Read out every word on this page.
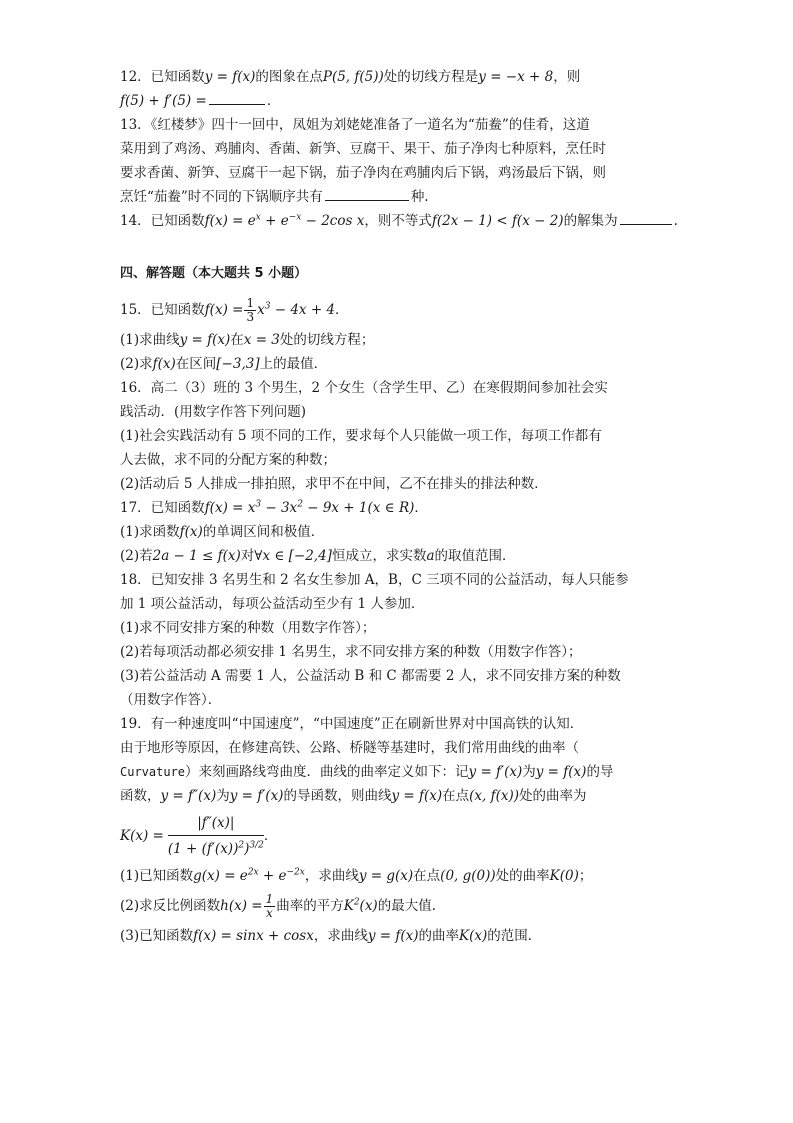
12．已知函数y = f(x)的图象在点P(5, f(5))处的切线方程是y = −x + 8，则
f(5) + f′(5) =	．
13．《红楼梦》四十一回中，凤姐为刘姥姥准备了一道名为“茄鲞”的佳肴，这道
菜用到了鸡汤、鸡脯肉、香菌、新笋、豆腐干、果干、茄子净肉七种原料，烹任时
要求香菌、新笋、豆腐干一起下锅，茄子净肉在鸡脯肉后下锅，鸡汤最后下锅，则
烹饪“茄鲞”时不同的下锅顺序共有	种.
14．已知函数$f(x) = e^x + e^{-x} - 2\cos$ x，则不等式f(2x − 1) < f(x − 2)的解集为	.
四、解答题（本大题共 5 小题）
15．已知函数$f(x) = \frac{1}{3} x^3 - 4x + 4$．
(1)求曲线y = f(x)在x = 3处的切线方程；
(2)求f(x)在区间[−3,3]上的最值．
16．高二（3）班的 3 个男生，2 个女生（含学生甲、乙）在寒假期间参加社会实
践活动．(用数字作答下列问题)
(1)社会实践活动有 5 项不同的工作，要求每个人只能做一项工作，每项工作都有
人去做，求不同的分配方案的种数；
(2)活动后 5 人排成一排拍照，求甲不在中间，乙不在排头的排法种数．
17．已知函数$f(x) = x^3 - 3x^2 - 9x + 1(x$ ∈ R)．
(1)求函数f(x)的单调区间和极值．
(2)若2a − 1 ≤ f(x)对∀x ∈ [−2,4]恒成立，求实数a的取值范围．
18．已知安排 3 名男生和 2 名女生参加 A，B，C 三项不同的公益活动，每人只能参
加 1 项公益活动，每项公益活动至少有 1 人参加．
(1)求不同安排方案的种数（用数字作答）；
(2)若每项活动都必须安排 1 名男生，求不同安排方案的种数（用数字作答）；
(3)若公益活动 A 需要 1 人，公益活动 B 和 C 都需要 2 人，求不同安排方案的种数
（用数字作答）．
19．有一种速度叫“中国速度”，“中国速度”正在刷新世界对中国高铁的认知．
由于地形等原因，在修建高铁、公路、桥隧等基建时，我们常用曲线的曲率（
Curvature）来刻画路线弯曲度．曲线的曲率定义如下：记y = f′(x)为y = f(x)的导
函数，y = f″(x)为y = f′(x)的导函数，则曲线y = f(x)在点(x, f(x))处的曲率为
$K(x) = \frac{|f''(x)|}{(1 + (f'(x))^2)^{3/2}}$ ．
(1)已知函数$g(x) = e^{2x} + e^{-2x}$，求曲线y = g(x)在点(0, g(0))处的曲率K(0)；
(2)求反比例函数$h(x) = \frac{1}{x}$ 曲率的平方$K^2(x)$的最大值.
(3)已知函数f(x) = sinx + cosx，求曲线y = f(x)的曲率K(x)的范围．
